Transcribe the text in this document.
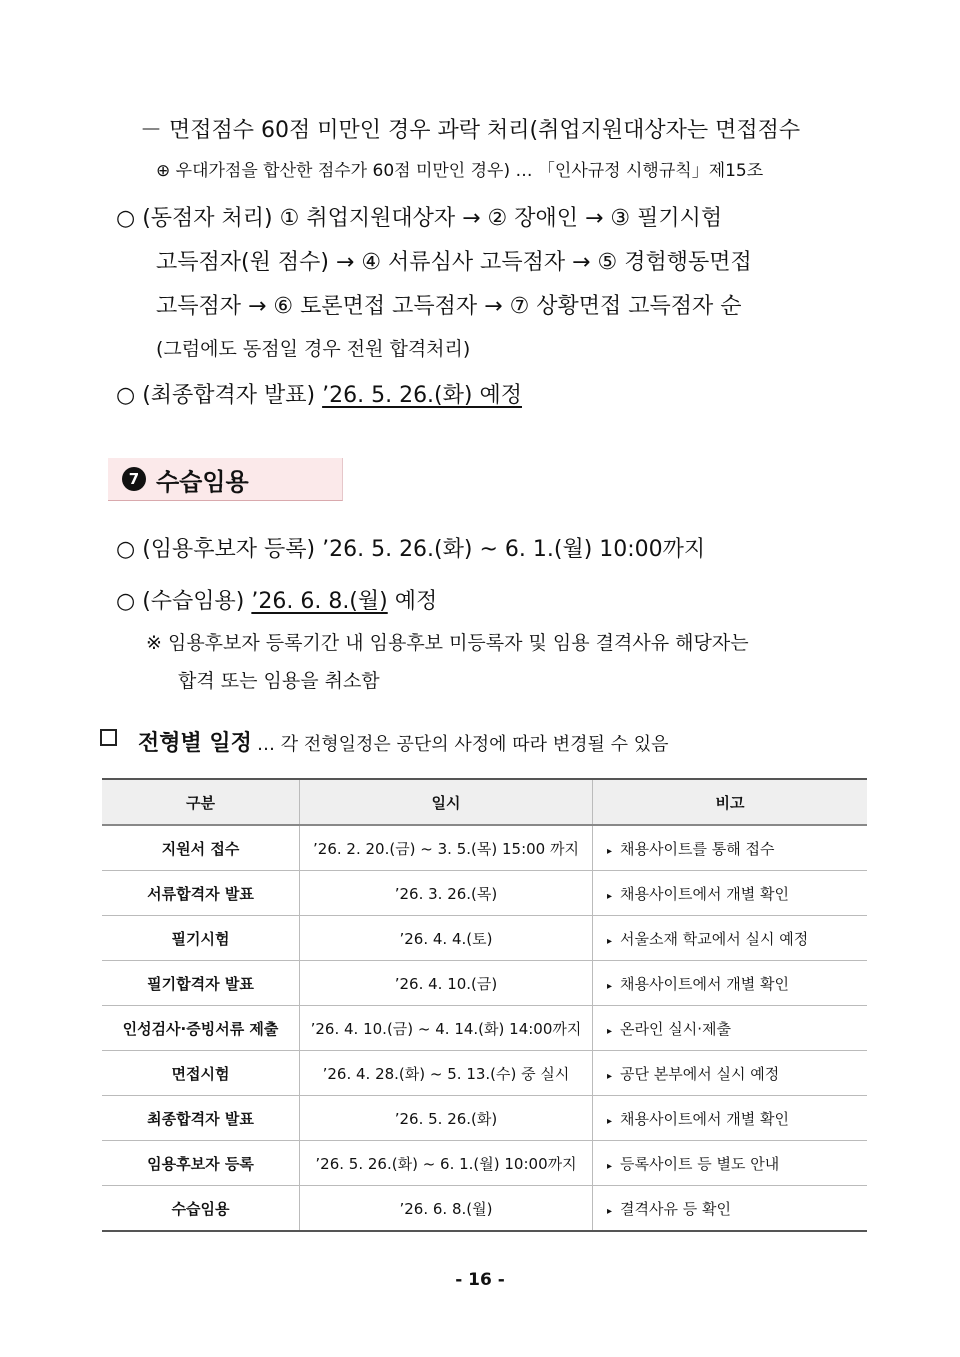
－ 면접점수 60점 미만인 경우 과락 처리(취업지원대상자는 면접점수
⊕ 우대가점을 합산한 점수가 60점 미만인 경우) … 「인사규정 시행규칙」제15조
○ (동점자 처리) ① 취업지원대상자 → ② 장애인 → ③ 필기시험
고득점자(원 점수) → ④ 서류심사 고득점자 → ⑤ 경험행동면접
고득점자 → ⑥ 토론면접 고득점자 → ⑦ 상황면접 고득점자 순
(그럼에도 동점일 경우 전원 합격처리)
○ (최종합격자 발표) ’26. 5. 26.(화) 예정
7 수습임용
○ (임용후보자 등록) ’26. 5. 26.(화) ~ 6. 1.(월) 10:00까지
○ (수습임용) ’26. 6. 8.(월) 예정
※ 임용후보자 등록기간 내 임용후보 미등록자 및 임용 결격사유 해당자는
합격 또는 임용을 취소함
전형별 일정 … 각 전형일정은 공단의 사정에 따라 변경될 수 있음
구분	일시	비고
지원서 접수	’26. 2. 20.(금) ~ 3. 5.(목) 15:00 까지	▸ 채용사이트를 통해 접수
서류합격자 발표	’26. 3. 26.(목)	▸ 채용사이트에서 개별 확인
필기시험	’26. 4. 4.(토)	▸ 서울소재 학교에서 실시 예정
필기합격자 발표	’26. 4. 10.(금)	▸ 채용사이트에서 개별 확인
인성검사·증빙서류 제출	’26. 4. 10.(금) ~ 4. 14.(화) 14:00까지	▸ 온라인 실시·제출
면접시험	’26. 4. 28.(화) ~ 5. 13.(수) 중 실시	▸ 공단 본부에서 실시 예정
최종합격자 발표	’26. 5. 26.(화)	▸ 채용사이트에서 개별 확인
임용후보자 등록	’26. 5. 26.(화) ~ 6. 1.(월) 10:00까지	▸ 등록사이트 등 별도 안내
수습임용	’26. 6. 8.(월)	▸ 결격사유 등 확인
- 16 -
